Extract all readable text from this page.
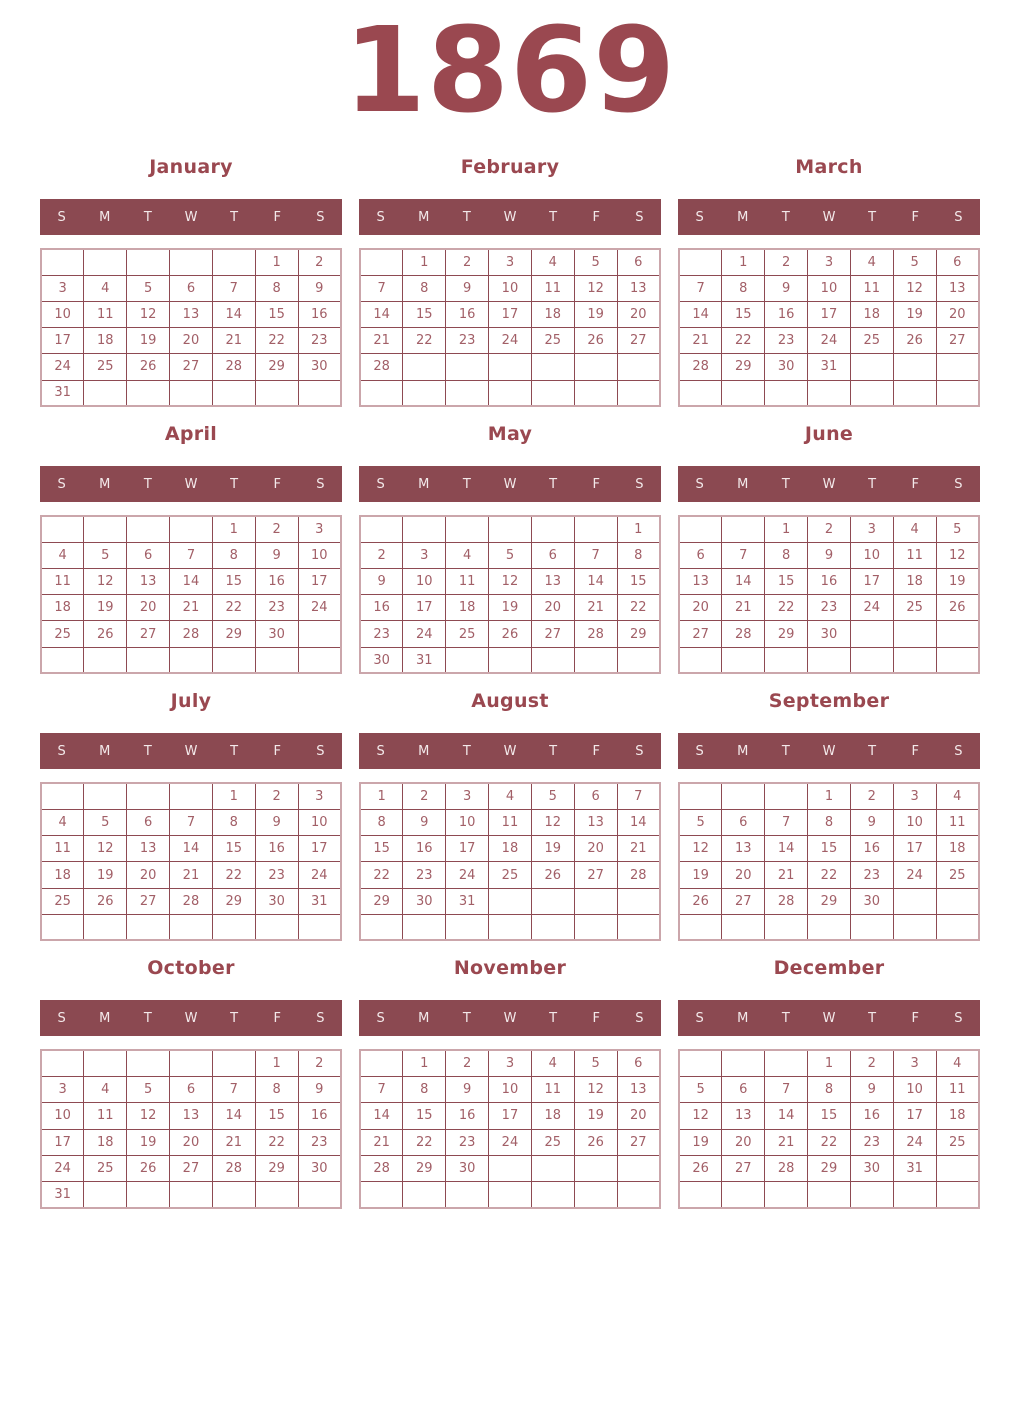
1869
January
S	M	T	W	T	F	S
					1	2
3	4	5	6	7	8	9
10	11	12	13	14	15	16
17	18	19	20	21	22	23
24	25	26	27	28	29	30
31						
February
S	M	T	W	T	F	S
	1	2	3	4	5	6
7	8	9	10	11	12	13
14	15	16	17	18	19	20
21	22	23	24	25	26	27
28						

March
S	M	T	W	T	F	S
	1	2	3	4	5	6
7	8	9	10	11	12	13
14	15	16	17	18	19	20
21	22	23	24	25	26	27
28	29	30	31			

April
S	M	T	W	T	F	S
				1	2	3
4	5	6	7	8	9	10
11	12	13	14	15	16	17
18	19	20	21	22	23	24
25	26	27	28	29	30	

May
S	M	T	W	T	F	S
						1
2	3	4	5	6	7	8
9	10	11	12	13	14	15
16	17	18	19	20	21	22
23	24	25	26	27	28	29
30	31					
June
S	M	T	W	T	F	S
		1	2	3	4	5
6	7	8	9	10	11	12
13	14	15	16	17	18	19
20	21	22	23	24	25	26
27	28	29	30			

July
S	M	T	W	T	F	S
				1	2	3
4	5	6	7	8	9	10
11	12	13	14	15	16	17
18	19	20	21	22	23	24
25	26	27	28	29	30	31

August
S	M	T	W	T	F	S
1	2	3	4	5	6	7
8	9	10	11	12	13	14
15	16	17	18	19	20	21
22	23	24	25	26	27	28
29	30	31				

September
S	M	T	W	T	F	S
			1	2	3	4
5	6	7	8	9	10	11
12	13	14	15	16	17	18
19	20	21	22	23	24	25
26	27	28	29	30		

October
S	M	T	W	T	F	S
					1	2
3	4	5	6	7	8	9
10	11	12	13	14	15	16
17	18	19	20	21	22	23
24	25	26	27	28	29	30
31						
November
S	M	T	W	T	F	S
	1	2	3	4	5	6
7	8	9	10	11	12	13
14	15	16	17	18	19	20
21	22	23	24	25	26	27
28	29	30				

December
S	M	T	W	T	F	S
			1	2	3	4
5	6	7	8	9	10	11
12	13	14	15	16	17	18
19	20	21	22	23	24	25
26	27	28	29	30	31	
